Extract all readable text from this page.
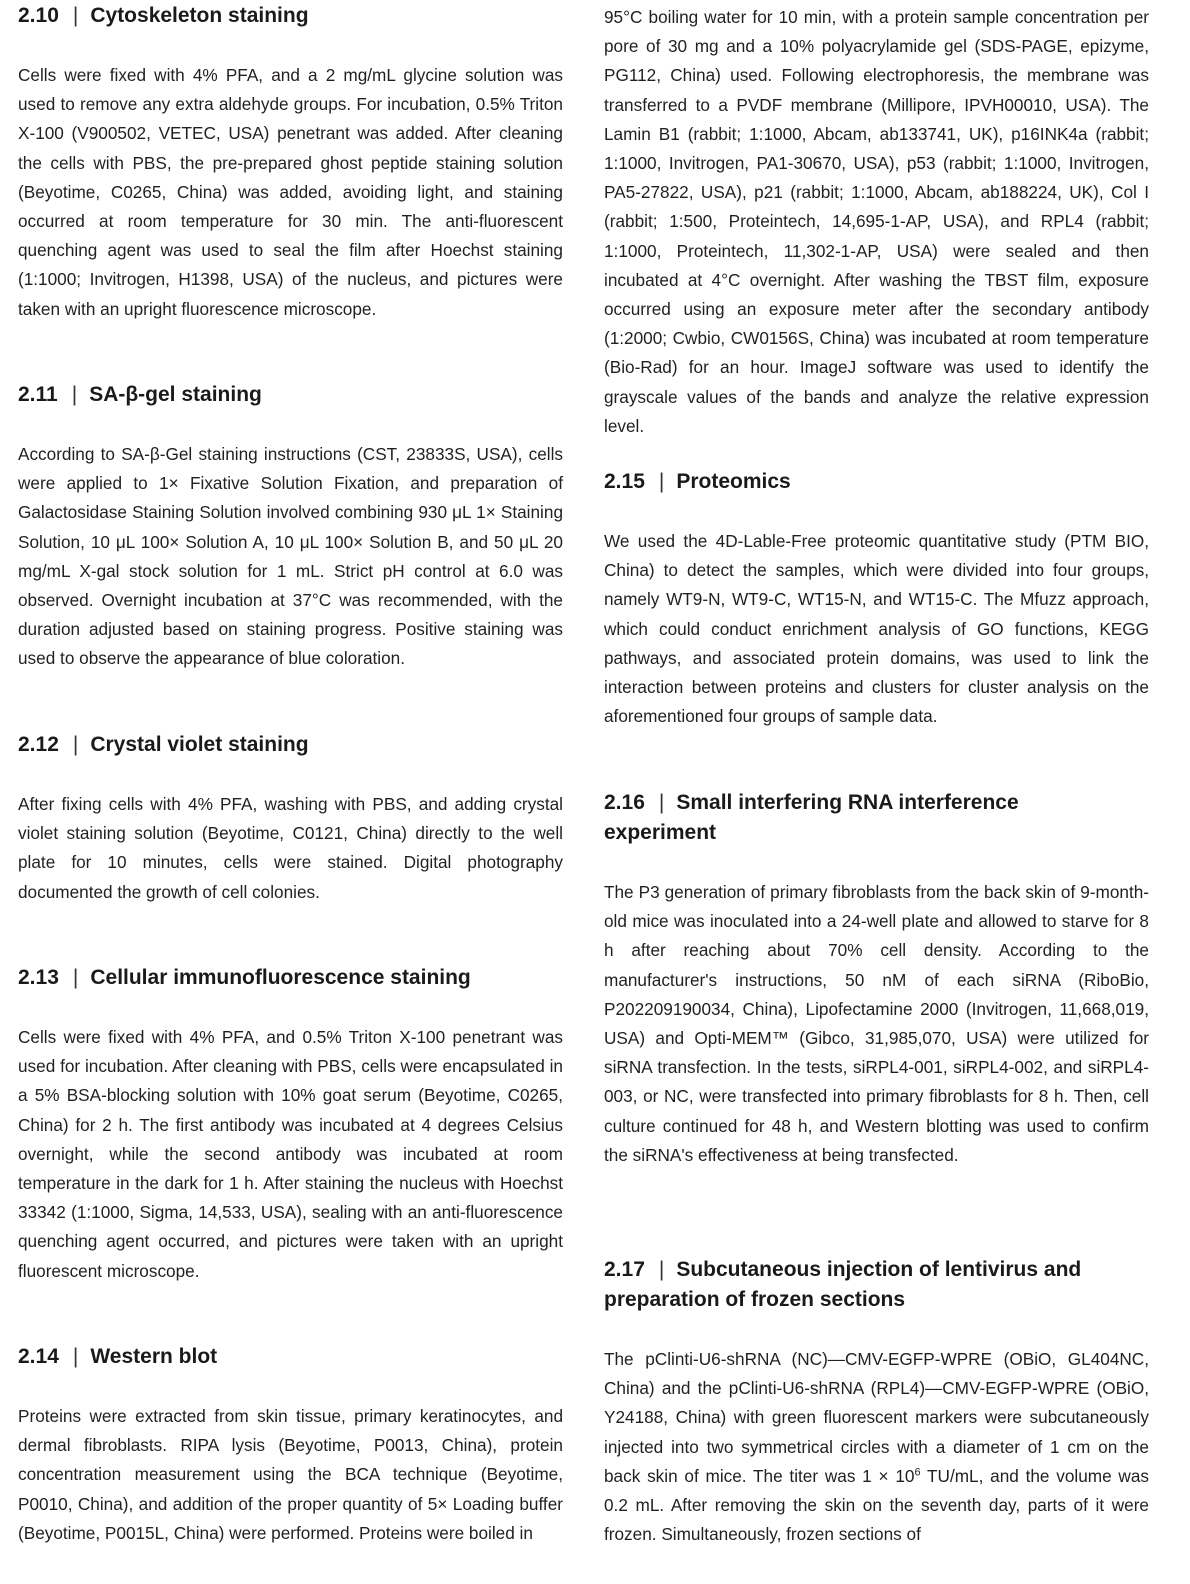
2.10 | Cytoskeleton staining

Cells were fixed with 4% PFA, and a 2 mg/mL glycine solution was used to remove any extra aldehyde groups. For incubation, 0.5% Triton X-100 (V900502, VETEC, USA) penetrant was added. After cleaning the cells with PBS, the pre-prepared ghost peptide staining solution (Beyotime, C0265, China) was added, avoiding light, and staining occurred at room temperature for 30 min. The anti-fluorescent quenching agent was used to seal the film after Hoechst staining (1:1000; Invitrogen, H1398, USA) of the nucleus, and pictures were taken with an upright fluorescence microscope.

2.11 | SA-β-gel staining

According to SA-β-Gel staining instructions (CST, 23833S, USA), cells were applied to 1× Fixative Solution Fixation, and preparation of Galactosidase Staining Solution involved combining 930 μL 1× Staining Solution, 10 μL 100× Solution A, 10 μL 100× Solution B, and 50 μL 20 mg/mL X-gal stock solution for 1 mL. Strict pH control at 6.0 was observed. Overnight incubation at 37°C was recommended, with the duration adjusted based on staining progress. Positive staining was used to observe the appearance of blue coloration.

2.12 | Crystal violet staining

After fixing cells with 4% PFA, washing with PBS, and adding crystal violet staining solution (Beyotime, C0121, China) directly to the well plate for 10 minutes, cells were stained. Digital photography documented the growth of cell colonies.

2.13 | Cellular immunofluorescence staining

Cells were fixed with 4% PFA, and 0.5% Triton X-100 penetrant was used for incubation. After cleaning with PBS, cells were encapsulated in a 5% BSA-blocking solution with 10% goat serum (Beyotime, C0265, China) for 2 h. The first antibody was incubated at 4 degrees Celsius overnight, while the second antibody was incubated at room temperature in the dark for 1 h. After staining the nucleus with Hoechst 33342 (1:1000, Sigma, 14,533, USA), sealing with an anti-fluorescence quenching agent occurred, and pictures were taken with an upright fluorescent microscope.

2.14 | Western blot

Proteins were extracted from skin tissue, primary keratinocytes, and dermal fibroblasts. RIPA lysis (Beyotime, P0013, China), protein concentration measurement using the BCA technique (Beyotime, P0010, China), and addition of the proper quantity of 5× Loading buffer (Beyotime, P0015L, China) were performed. Proteins were boiled in

95°C boiling water for 10 min, with a protein sample concentration per pore of 30 mg and a 10% polyacrylamide gel (SDS-PAGE, epizyme, PG112, China) used. Following electrophoresis, the membrane was transferred to a PVDF membrane (Millipore, IPVH00010, USA). The Lamin B1 (rabbit; 1:1000, Abcam, ab133741, UK), p16INK4a (rabbit; 1:1000, Invitrogen, PA1-30670, USA), p53 (rabbit; 1:1000, Invitrogen, PA5-27822, USA), p21 (rabbit; 1:1000, Abcam, ab188224, UK), Col I (rabbit; 1:500, Proteintech, 14,695-1-AP, USA), and RPL4 (rabbit; 1:1000, Proteintech, 11,302-1-AP, USA) were sealed and then incubated at 4°C overnight. After washing the TBST film, exposure occurred using an exposure meter after the secondary antibody (1:2000; Cwbio, CW0156S, China) was incubated at room temperature (Bio-Rad) for an hour. ImageJ software was used to identify the grayscale values of the bands and analyze the relative expression level.

2.15 | Proteomics

We used the 4D-Lable-Free proteomic quantitative study (PTM BIO, China) to detect the samples, which were divided into four groups, namely WT9-N, WT9-C, WT15-N, and WT15-C. The Mfuzz approach, which could conduct enrichment analysis of GO functions, KEGG pathways, and associated protein domains, was used to link the interaction between proteins and clusters for cluster analysis on the aforementioned four groups of sample data.

2.16 | Small interfering RNA interference experiment

The P3 generation of primary fibroblasts from the back skin of 9-month-old mice was inoculated into a 24-well plate and allowed to starve for 8 h after reaching about 70% cell density. According to the manufacturer's instructions, 50 nM of each siRNA (RiboBio, P202209190034, China), Lipofectamine 2000 (Invitrogen, 11,668,019, USA) and Opti-MEM™ (Gibco, 31,985,070, USA) were utilized for siRNA transfection. In the tests, siRPL4-001, siRPL4-002, and siRPL4-003, or NC, were transfected into primary fibroblasts for 8 h. Then, cell culture continued for 48 h, and Western blotting was used to confirm the siRNA's effectiveness at being transfected.

2.17 | Subcutaneous injection of lentivirus and preparation of frozen sections

The pClinti-U6-shRNA (NC)—CMV-EGFP-WPRE (OBiO, GL404NC, China) and the pClinti-U6-shRNA (RPL4)—CMV-EGFP-WPRE (OBiO, Y24188, China) with green fluorescent markers were subcutaneously injected into two symmetrical circles with a diameter of 1 cm on the back skin of mice. The titer was $1 \times 10^6$ TU/mL, and the volume was 0.2 mL. After removing the skin on the seventh day, parts of it were frozen. Simultaneously, frozen sections of
